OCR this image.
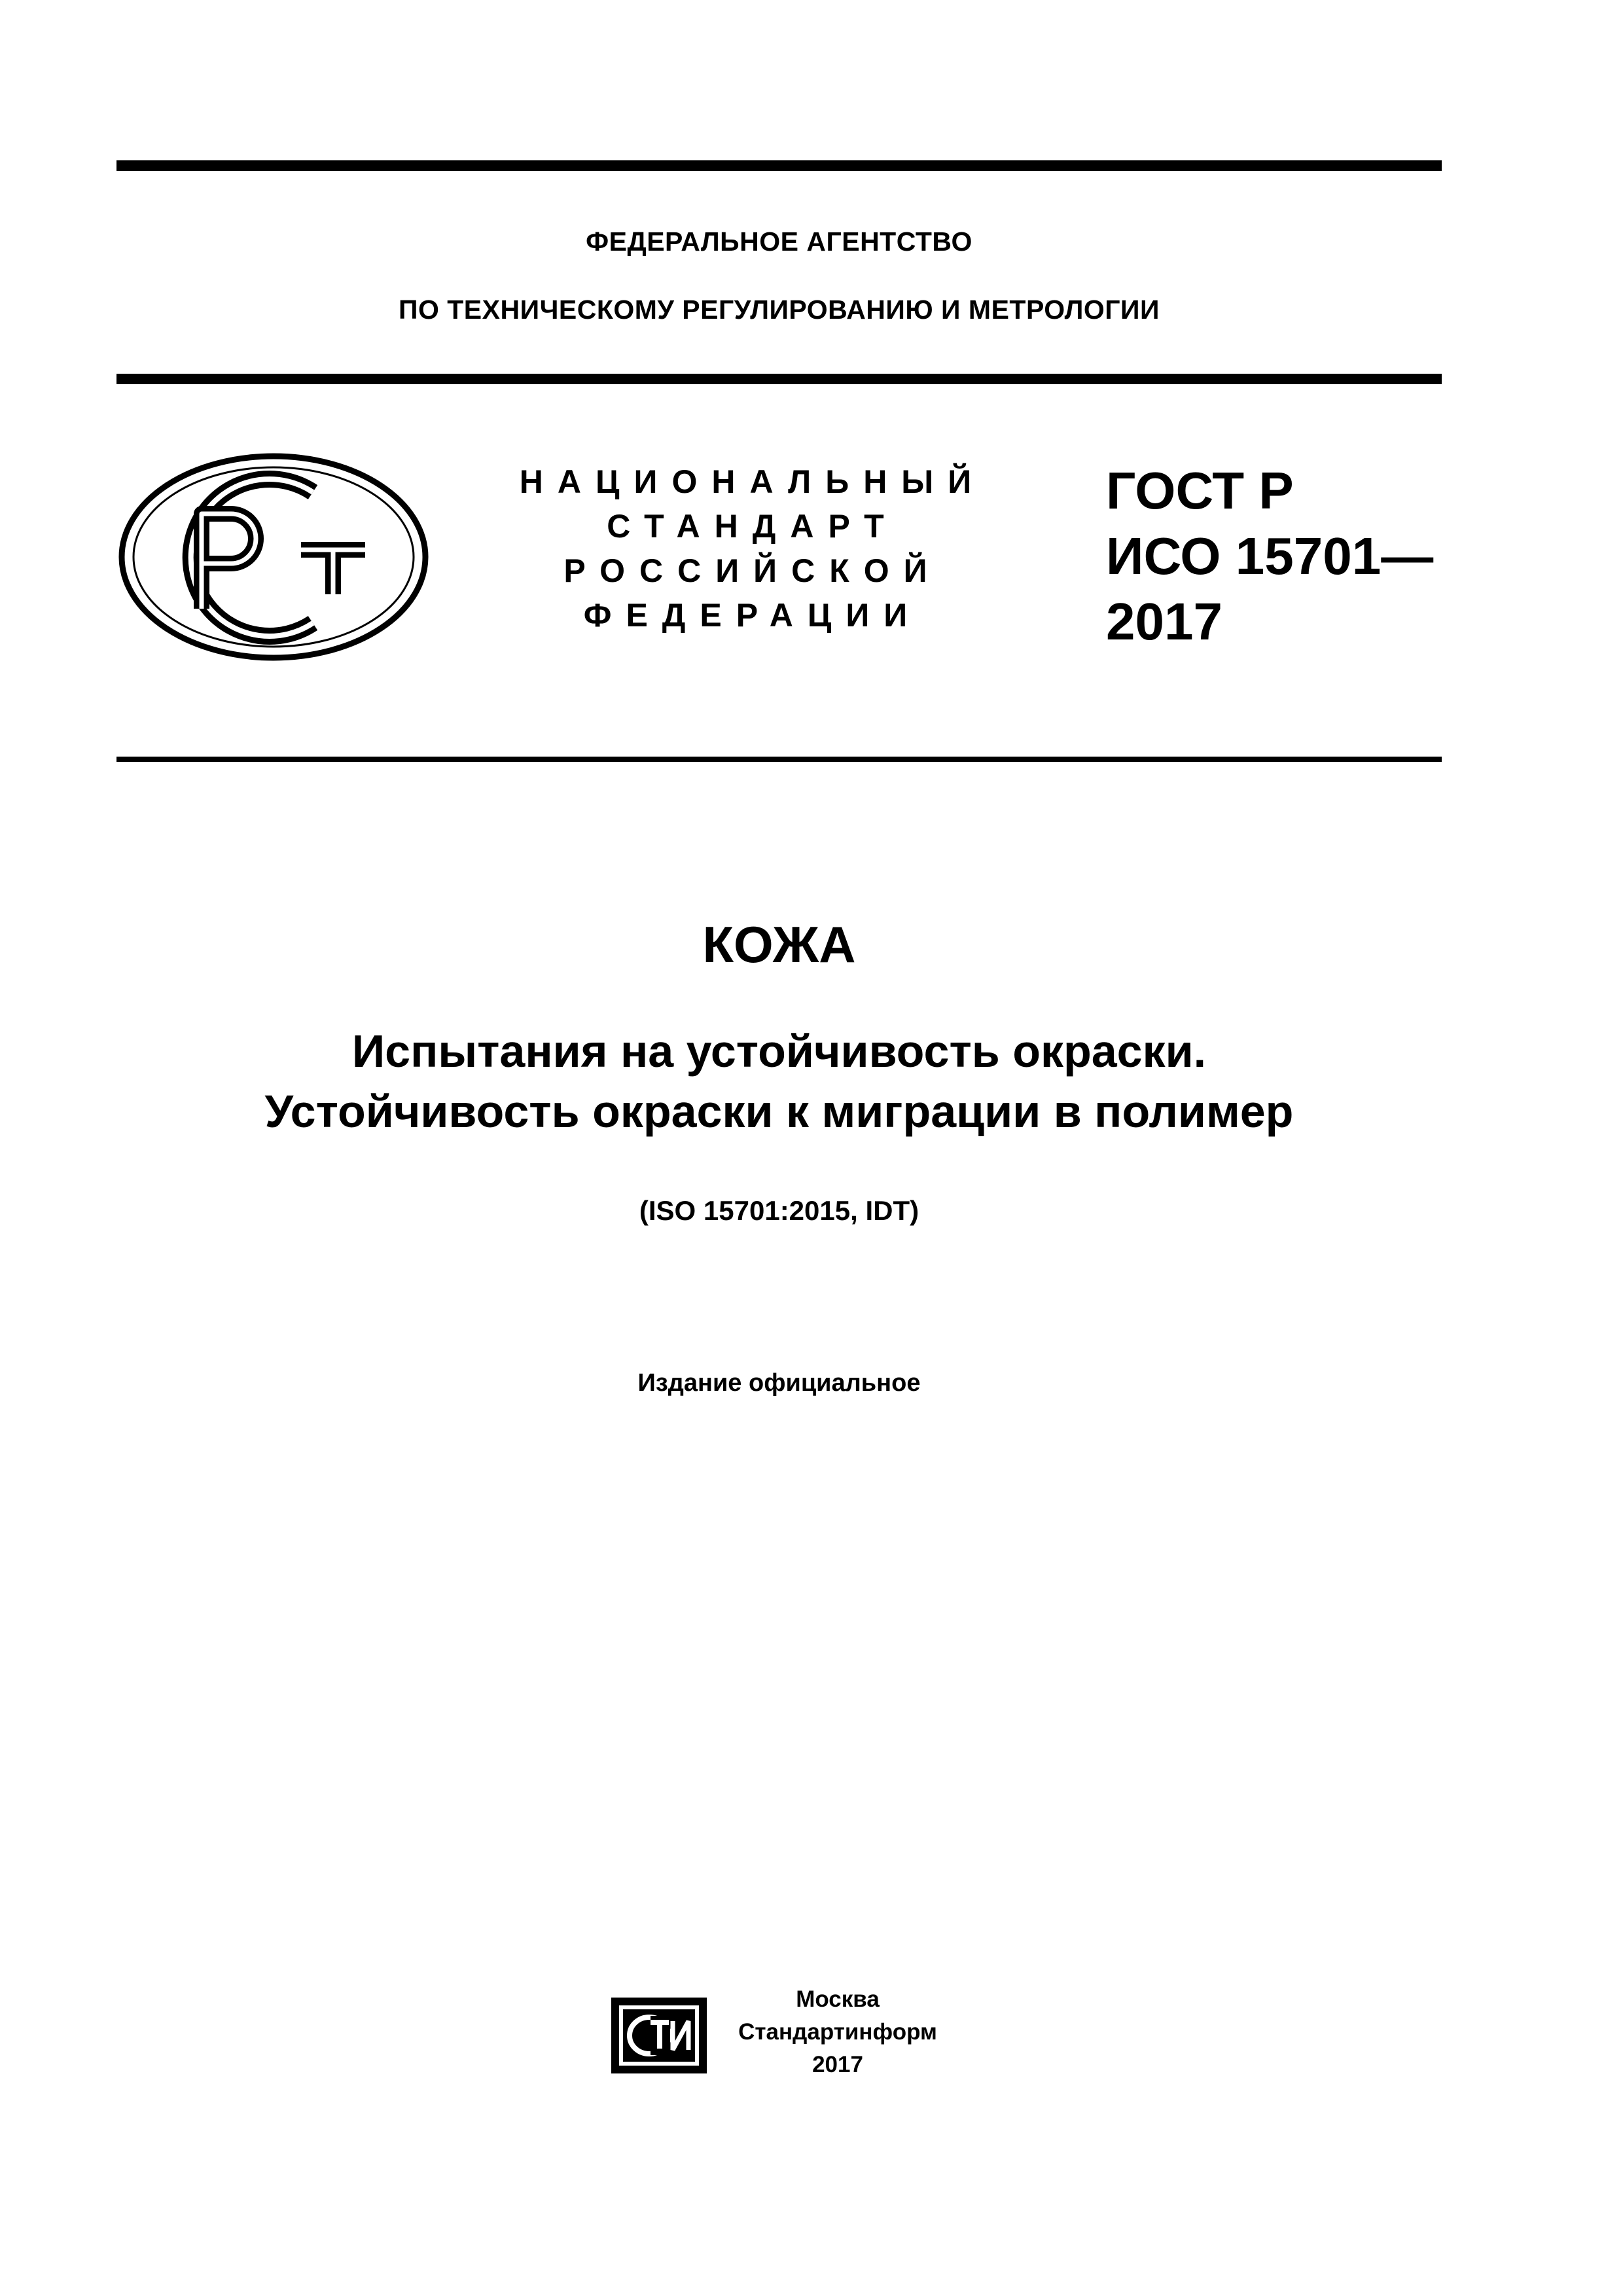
ФЕДЕРАЛЬНОЕ АГЕНТСТВО
ПО ТЕХНИЧЕСКОМУ РЕГУЛИРОВАНИЮ И МЕТРОЛОГИИ
НАЦИОНАЛЬНЫЙ
СТАНДАРТ
РОССИЙСКОЙ
ФЕДЕРАЦИИ
ГОСТ Р
ИСО 15701—
2017
КОЖА
Испытания на устойчивость окраски.
Устойчивость окраски к миграции в полимер
(ISO 15701:2015, IDT)
Издание официальное
Москва
Стандартинформ
2017
